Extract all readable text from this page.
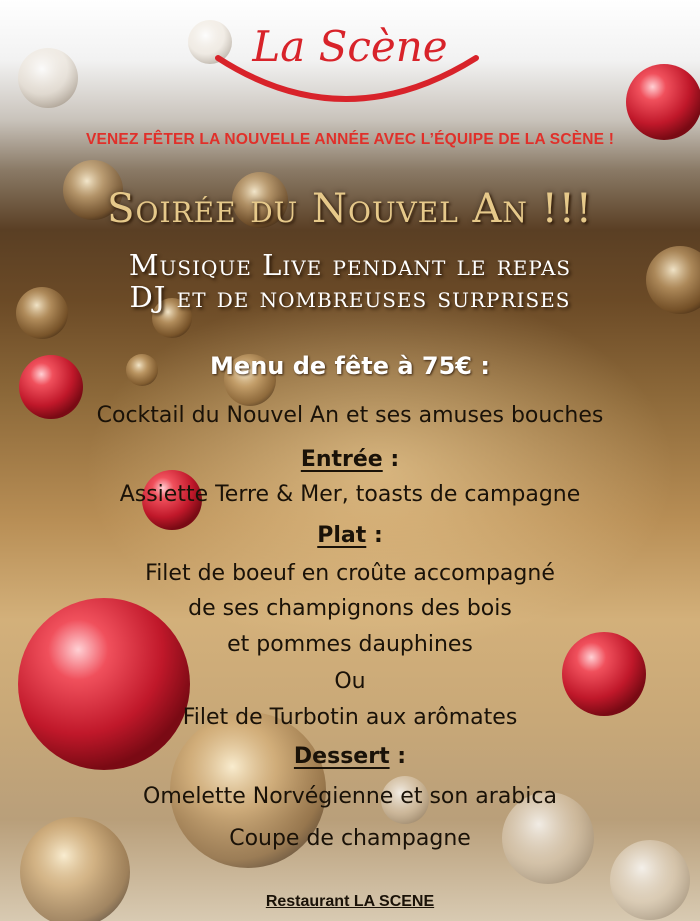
La Scène
VENEZ FÊTER LA NOUVELLE ANNÉE AVEC L’ÉQUIPE DE LA SCÈNE !
Soirée du Nouvel An !!!
Musique Live pendant le repas
DJ et de nombreuses surprises
Menu de fête à 75€ :
Cocktail du Nouvel An et ses amuses bouches
Entrée :
Assiette Terre & Mer, toasts de campagne
Plat :
Filet de boeuf en croûte accompagné
de ses champignons des bois
et pommes dauphines
Ou
Filet de Turbotin aux arômates
Dessert :
Omelette Norvégienne et son arabica
Coupe de champagne
Restaurant LA SCENE
